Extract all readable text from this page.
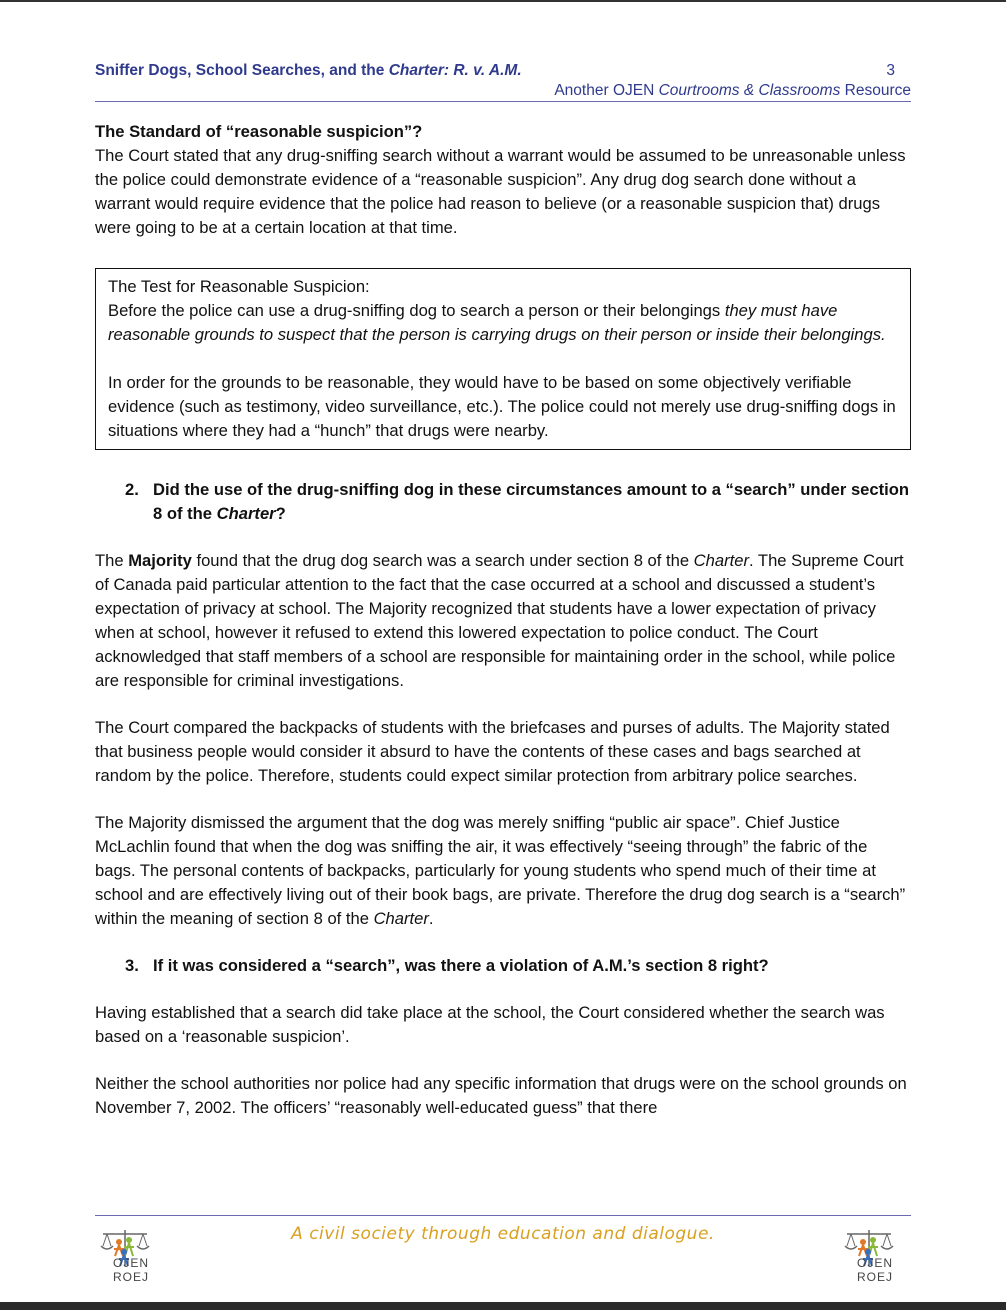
Sniffer Dogs, School Searches, and the Charter: R. v. A.M.	3
Another OJEN Courtrooms & Classrooms Resource
The Standard of “reasonable suspicion”?

The Court stated that any drug-sniffing search without a warrant would be assumed to be unreasonable unless the police could demonstrate evidence of a “reasonable suspicion”. Any drug dog search done without a warrant would require evidence that the police had reason to believe (or a reasonable suspicion that) drugs were going to be at a certain location at that time.

The Test for Reasonable Suspicion:

Before the police can use a drug-sniffing dog to search a person or their belongings they must have reasonable grounds to suspect that the person is carrying drugs on their person or inside their belongings.

In order for the grounds to be reasonable, they would have to be based on some objectively verifiable evidence (such as testimony, video surveillance, etc.). The police could not merely use drug-sniffing dogs in situations where they had a “hunch” that drugs were nearby.

2. Did the use of the drug-sniffing dog in these circumstances amount to a “search” under section 8 of the Charter?

The Majority found that the drug dog search was a search under section 8 of the Charter. The Supreme Court of Canada paid particular attention to the fact that the case occurred at a school and discussed a student’s expectation of privacy at school. The Majority recognized that students have a lower expectation of privacy when at school, however it refused to extend this lowered expectation to police conduct. The Court acknowledged that staff members of a school are responsible for maintaining order in the school, while police are responsible for criminal investigations.

The Court compared the backpacks of students with the briefcases and purses of adults. The Majority stated that business people would consider it absurd to have the contents of these cases and bags searched at random by the police. Therefore, students could expect similar protection from arbitrary police searches.

The Majority dismissed the argument that the dog was merely sniffing “public air space”. Chief Justice McLachlin found that when the dog was sniffing the air, it was effectively “seeing through” the fabric of the bags. The personal contents of backpacks, particularly for young students who spend much of their time at school and are effectively living out of their book bags, are private. Therefore the drug dog search is a “search” within the meaning of section 8 of the Charter.

3. If it was considered a “search”, was there a violation of A.M.’s section 8 right?

Having established that a search did take place at the school, the Court considered whether the search was based on a ‘reasonable suspicion’.

Neither the school authorities nor police had any specific information that drugs were on the school grounds on November 7, 2002. The officers’ “reasonably well-educated guess” that there

A civil society through education and dialogue.
OJEN ROEJ
OJEN ROEJ
